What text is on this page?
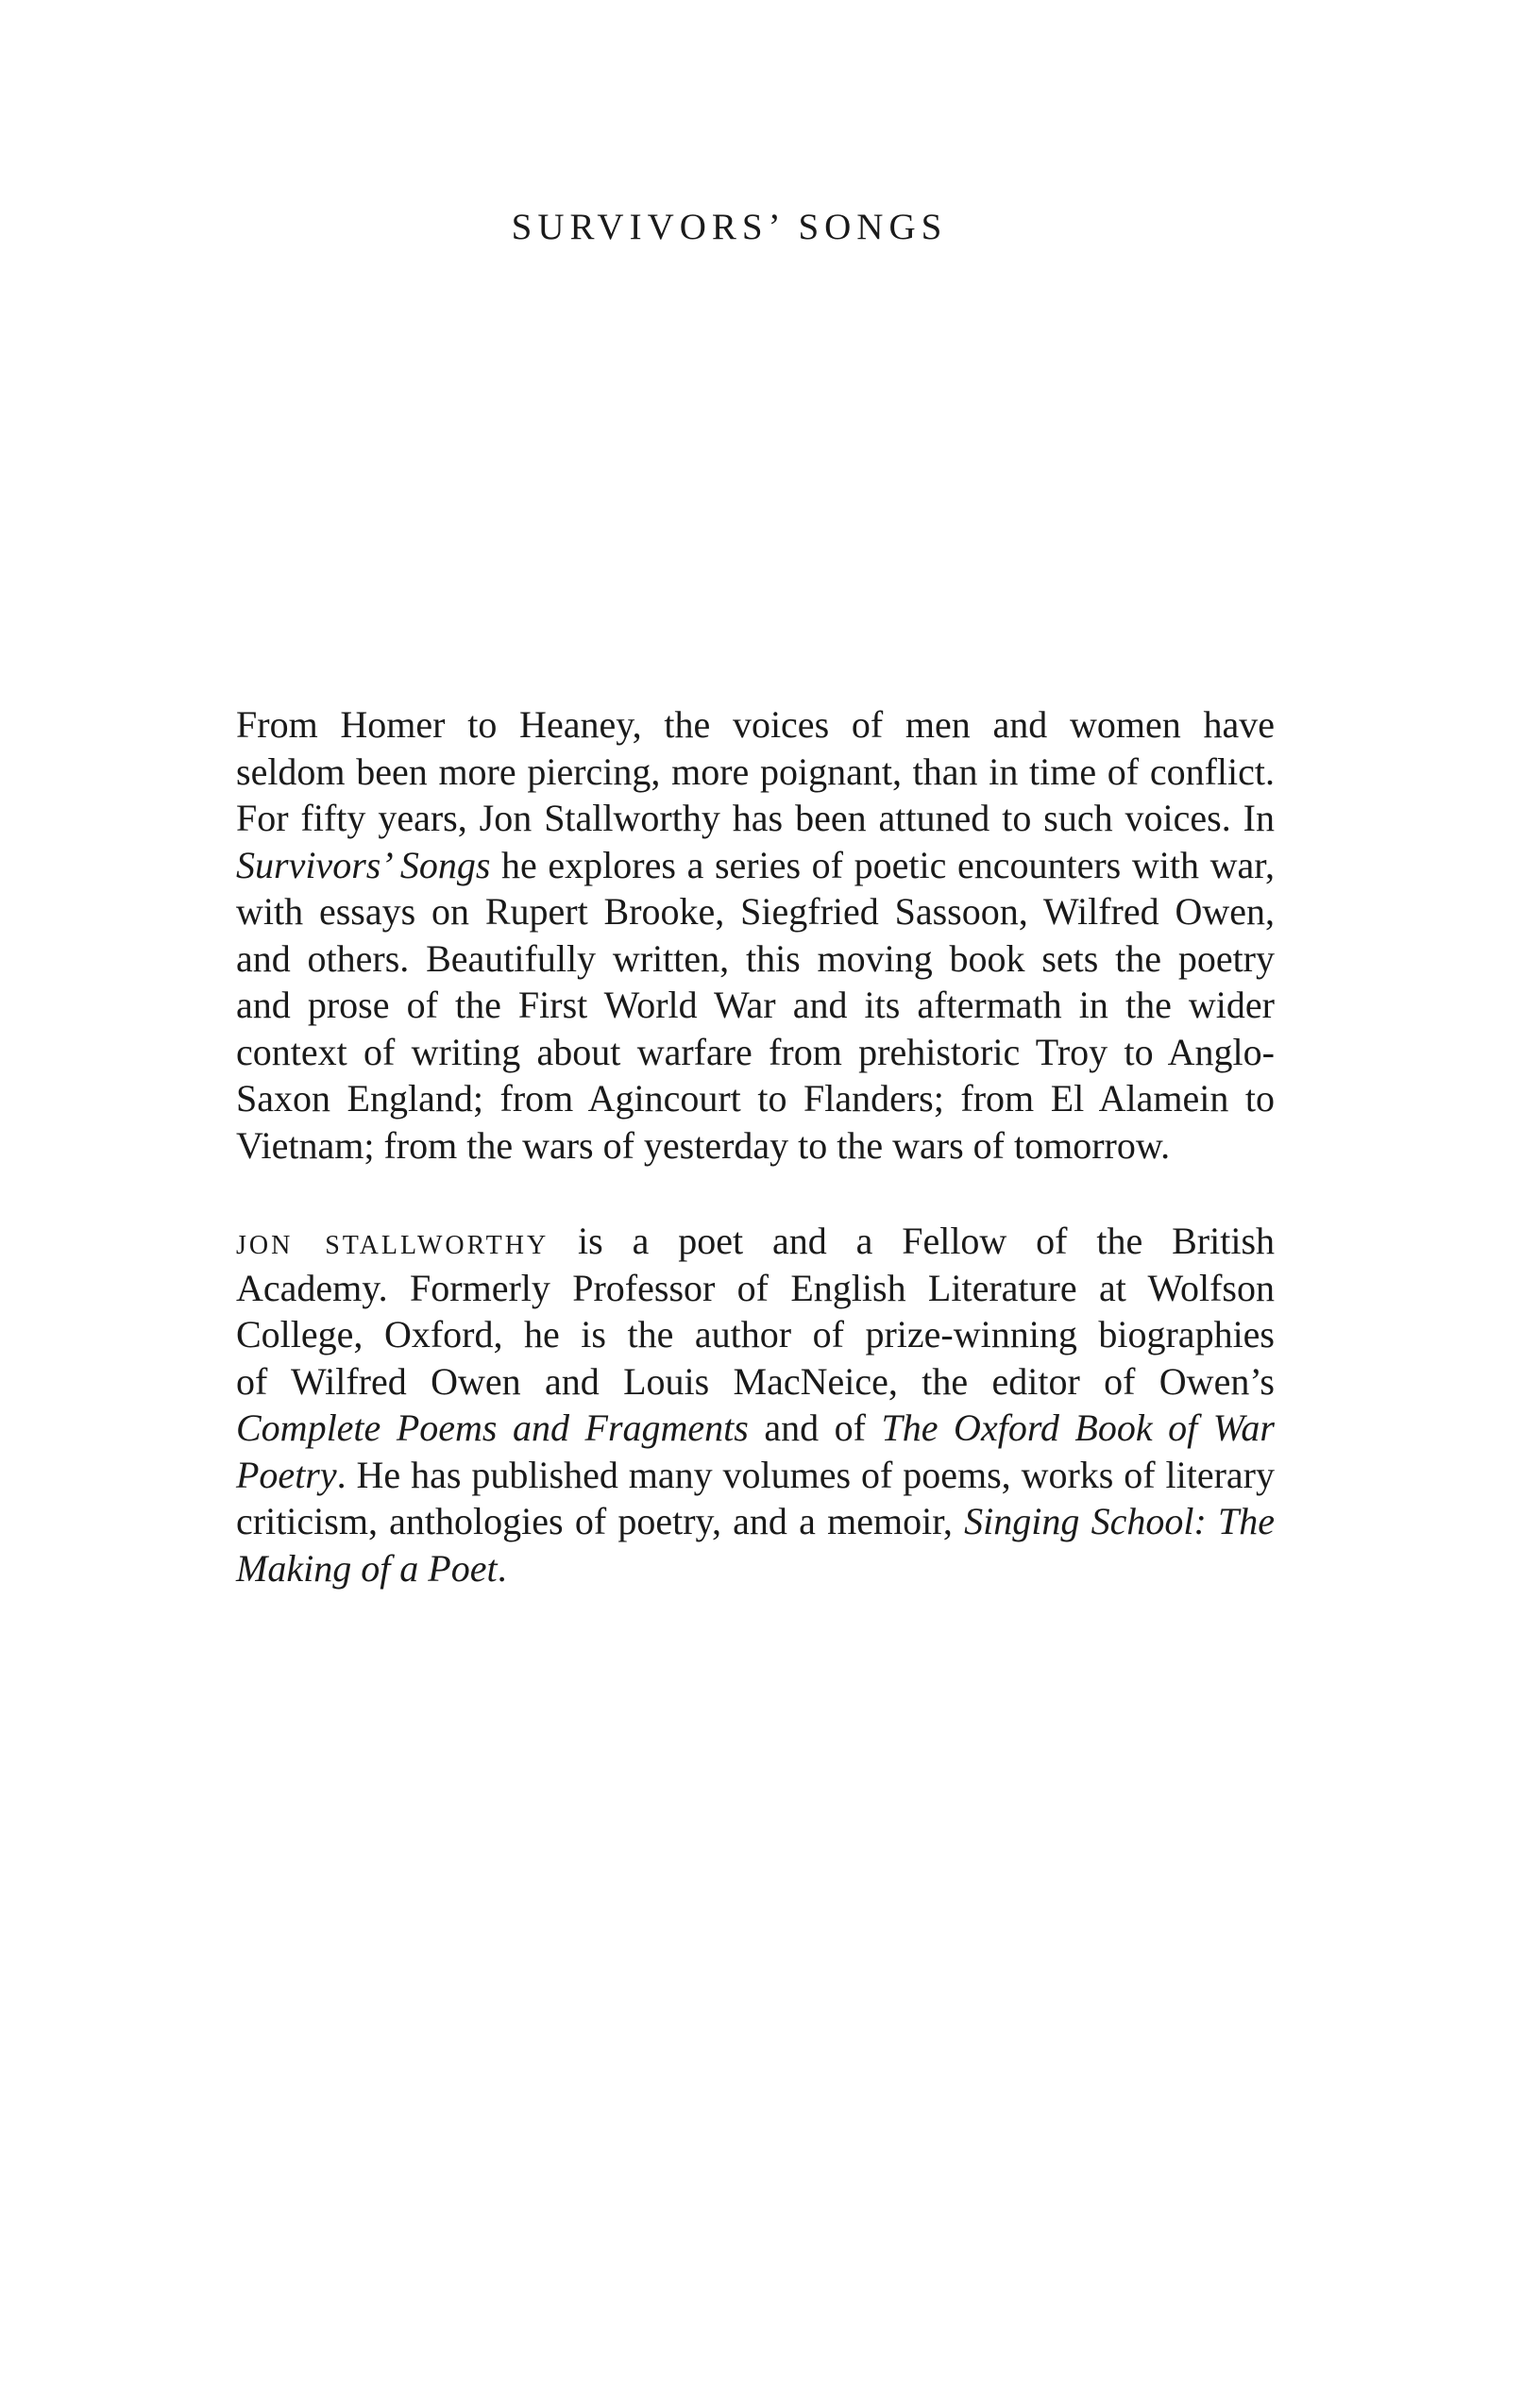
SURVIVORS’ SONGS

From Homer to Heaney, the voices of men and women have
seldom been more piercing, more poignant, than in time of conflict.
For fifty years, Jon Stallworthy has been attuned to such voices. In
Survivors’ Songs he explores a series of poetic encounters with war,
with essays on Rupert Brooke, Siegfried Sassoon, Wilfred Owen,
and others. Beautifully written, this moving book sets the poetry
and prose of the First World War and its aftermath in the wider
context of writing about warfare from prehistoric Troy to Anglo-
Saxon England; from Agincourt to Flanders; from El Alamein to
Vietnam; from the wars of yesterday to the wars of tomorrow.

jon stallworthy is a poet and a Fellow of the British
Academy. Formerly Professor of English Literature at Wolfson
College, Oxford, he is the author of prize-winning biographies
of Wilfred Owen and Louis MacNeice, the editor of Owen’s
Complete Poems and Fragments and of The Oxford Book of War
Poetry. He has published many volumes of poems, works of literary
criticism, anthologies of poetry, and a memoir, Singing School: The
Making of a Poet.
